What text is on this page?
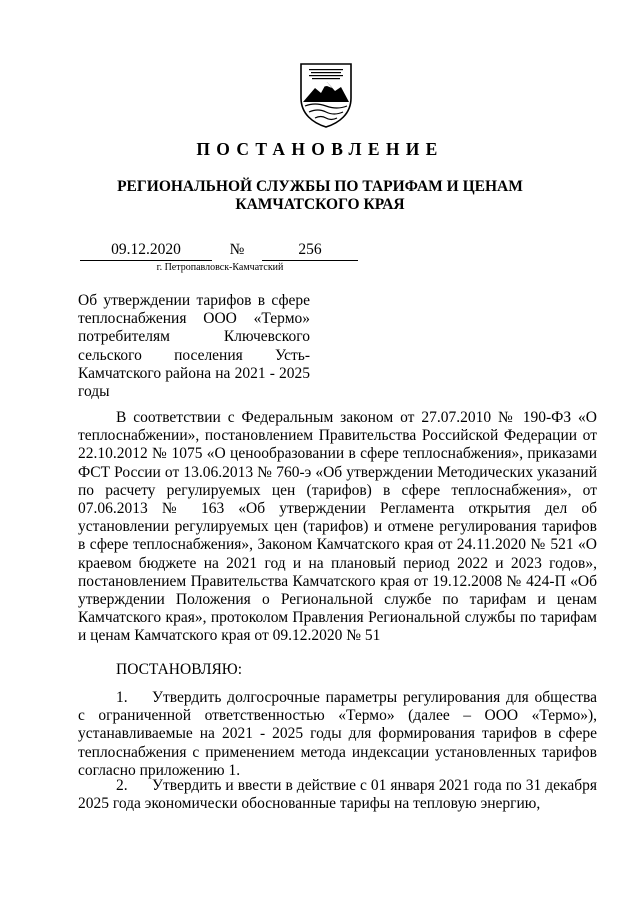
ПОСТАНОВЛЕНИЕ
РЕГИОНАЛЬНОЙ СЛУЖБЫ ПО ТАРИФАМ И ЦЕНАМ
КАМЧАТСКОГО КРАЯ
09.12.2020	№	256
г. Петропавловск-Камчатский
Об утверждении тарифов в сфере теплоснабжения ООО «Термо» потребителям Ключевского сельского поселения Усть-Камчатского района на 2021 - 2025 годы
В соответствии с Федеральным законом от 27.07.2010 № 190-ФЗ «О теплоснабжении», постановлением Правительства Российской Федерации от 22.10.2012 № 1075 «О ценообразовании в сфере теплоснабжения», приказами ФСТ России от 13.06.2013 № 760-э «Об утверждении Методических указаний по расчету регулируемых цен (тарифов) в сфере теплоснабжения», от 07.06.2013 № 163 «Об утверждении Регламента открытия дел об установлении регулируемых цен (тарифов) и отмене регулирования тарифов в сфере теплоснабжения», Законом Камчатского края от 24.11.2020 № 521 «О краевом бюджете на 2021 год и на плановый период 2022 и 2023 годов», постановлением Правительства Камчатского края от 19.12.2008 № 424-П «Об утверждении Положения о Региональной службе по тарифам и ценам Камчатского края», протоколом Правления Региональной службы по тарифам и ценам Камчатского края от 09.12.2020 № 51
ПОСТАНОВЛЯЮ:
1. Утвердить долгосрочные параметры регулирования для общества с ограниченной ответственностью «Термо» (далее – ООО «Термо»), устанавливаемые на 2021 - 2025 годы для формирования тарифов в сфере теплоснабжения с применением метода индексации установленных тарифов согласно приложению 1.
2. Утвердить и ввести в действие с 01 января 2021 года по 31 декабря 2025 года экономически обоснованные тарифы на тепловую энергию,
